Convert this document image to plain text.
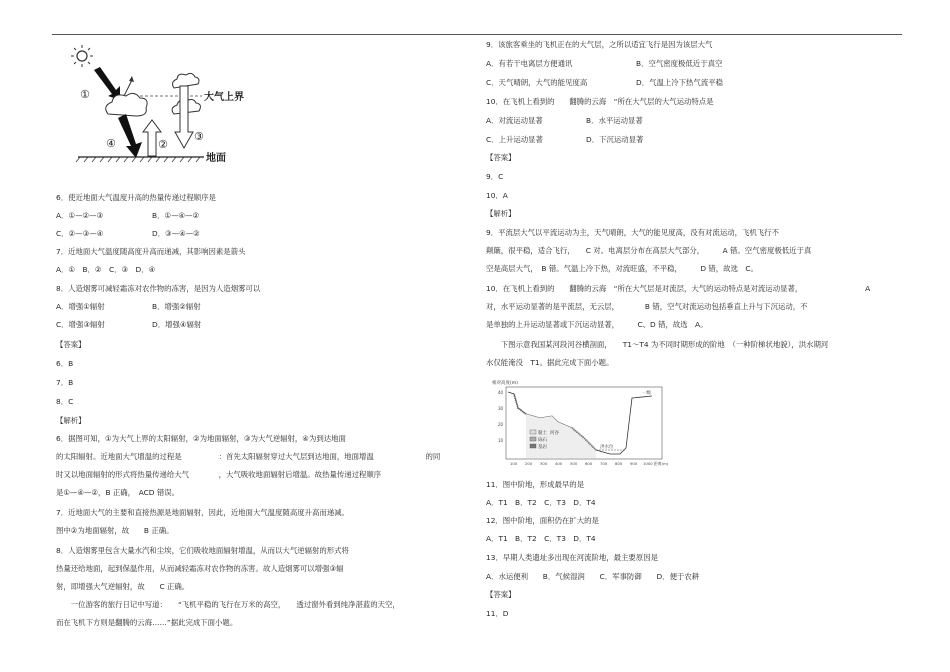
大气上界
①
④	②
③
地面
相对高度(m)
40
30
20
10
洪水位
一级
黏土
砾石
基岩
河谷
100 200 300 400 500 600 700 800 900 1000 距离(m)
6．使近地面大气温度升高的热量传递过程顺序是
A．①—②—③	B．①—④—②
C．②—③—④	D．③—④—②
7．近地面大气温度随高度升高而递减，其影响因素是箭头
A．①　B．②　C．③　D．④
8．人造烟雾可减轻霜冻对农作物的冻害，是因为人造烟雾可以
A．增强①辐射	B．增强②辐射
C．增强③辐射	D．增强④辐射
【答案】
6．B
7．B
8．C
【解析】
6．据图可知，①为大气上界的太阳辐射，②为地面辐射，③为大气逆辐射，④为到达地面
的太阳辐射。近地面大气增温的过程是　　　　　：首先太阳辐射穿过大气层到达地面，地面增温　　　　　　　的同
时又以地面辐射的形式将热量传递给大气　　　　，大气吸收地面辐射后增温。故热量传递过程顺序
是①—④—②，B 正确，　ACD 错误。
7．近地面大气的主要和直接热源是地面辐射，因此，近地面大气温度随高度升高而递减。
图中②为地面辐射，故　　B 正确。
8．人造烟雾里包含大量水汽和尘埃，它们吸收地面辐射增温，从而以大气逆辐射的形式将
热量还给地面，起到保温作用，从而减轻霜冻对农作物的冻害。故人造烟雾可以增强③辐
射，即增强大气逆辐射，故　　C 正确。
　　一位游客的旅行日记中写道：　　“飞机平稳的飞行在万米的高空，　　透过窗外看到纯净湛蓝的天空，
而在飞机下方则是翻腾的云海……”据此完成下面小题。
9．该旅客乘坐的飞机正在的大气层，之所以适宜飞行是因为该层大气
A．有若干电离层方便通讯	B．空气密度极低近于真空
C．天气晴朗，大气的能见度高	D．气温上冷下热气流平稳
10．在飞机上看到的　　翻腾的云海　“所在大气层的大气运动特点是
A．对流运动显著	B．水平运动显著
C．上升运动显著	D．下沉运动显著
【答案】
9．C
10．A
【解析】
9．平流层大气以平流运动为主，天气晴朗，大气的能见度高，没有对流运动，飞机飞行不
颠簸，很平稳，适合飞行，　　C 对。电离层分布在高层大气部分，　　　A 错。空气密度极低近于真
空是高层大气，　B 错。气温上冷下热，对流旺盛，不平稳，　　　D 错，故选　C。
10．在飞机上看到的　　翻腾的云海　“所在大气层是对流层，大气的运动特点是对流运动显著，　　　　　　　　　A
对，水平运动显著的是平流层，无云层，　　　　B 错，空气对流运动包括垂直上升与下沉运动，不
是单独的上升运动显著或下沉运动显著，　　　C、D 错，故选　A。
　　下图示意我国某河段河谷横剖面，　　T1～T4 为不同时期形成的阶地　（一种阶梯状地貌），洪水期河
水仅能淹没　T1。据此完成下面小题。
11．图中阶地，形成最早的是
A．T1　B．T2　C．T3　D．T4
12．图中阶地，面积仍在扩大的是
A．T1　B．T2　C．T3　D．T4
13．早期人类遗址多出现在河流阶地，最主要原因是
A．水运便利　　B．气候湿润　　C．军事防御　　D．便于农耕
【答案】
11．D
